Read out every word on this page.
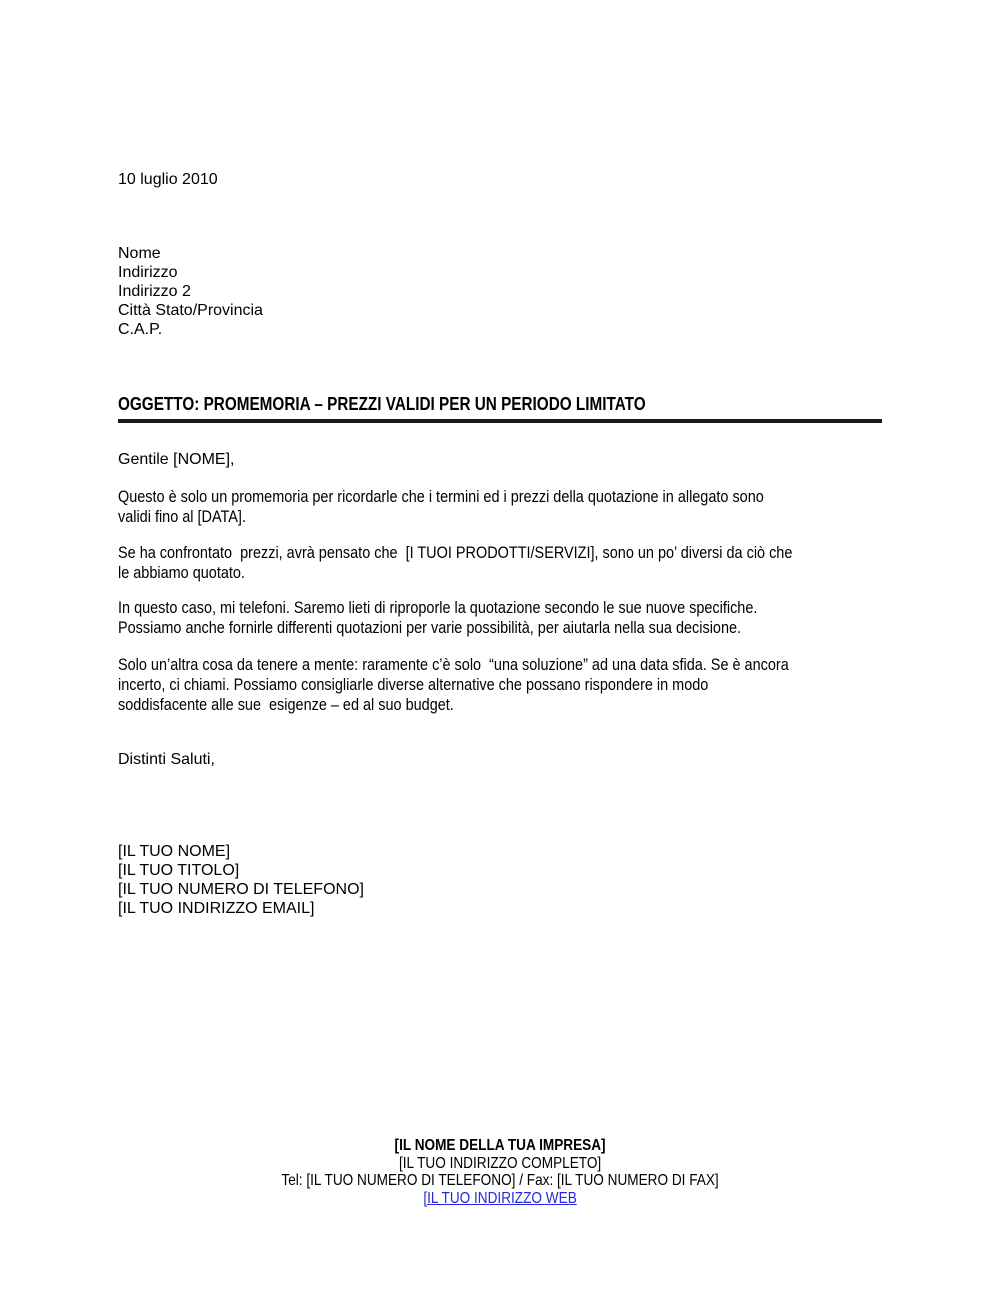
10 luglio 2010
Nome
Indirizzo
Indirizzo 2
Città Stato/Provincia
C.A.P.
OGGETTO: PROMEMORIA – PREZZI VALIDI PER UN PERIODO LIMITATO
Gentile [NOME],
Questo è solo un promemoria per ricordarle che i termini ed i prezzi della quotazione in allegato sono
validi fino al [DATA].
Se ha confrontato  prezzi, avrà pensato che  [I TUOI PRODOTTI/SERVIZI], sono un po’ diversi da ciò che
le abbiamo quotato.
In questo caso, mi telefoni. Saremo lieti di riproporle la quotazione secondo le sue nuove specifiche.
Possiamo anche fornirle differenti quotazioni per varie possibilità, per aiutarla nella sua decisione.
Solo un’altra cosa da tenere a mente: raramente c’è solo  “una soluzione” ad una data sfida. Se è ancora
incerto, ci chiami. Possiamo consigliarle diverse alternative che possano rispondere in modo
soddisfacente alle sue  esigenze – ed al suo budget.
Distinti Saluti,
[IL TUO NOME]
[IL TUO TITOLO]
[IL TUO NUMERO DI TELEFONO]
[IL TUO INDIRIZZO EMAIL]
[IL NOME DELLA TUA IMPRESA]
[IL TUO INDIRIZZO COMPLETO]
Tel: [IL TUO NUMERO DI TELEFONO] / Fax: [IL TUO NUMERO DI FAX]
[IL TUO INDIRIZZO WEB
